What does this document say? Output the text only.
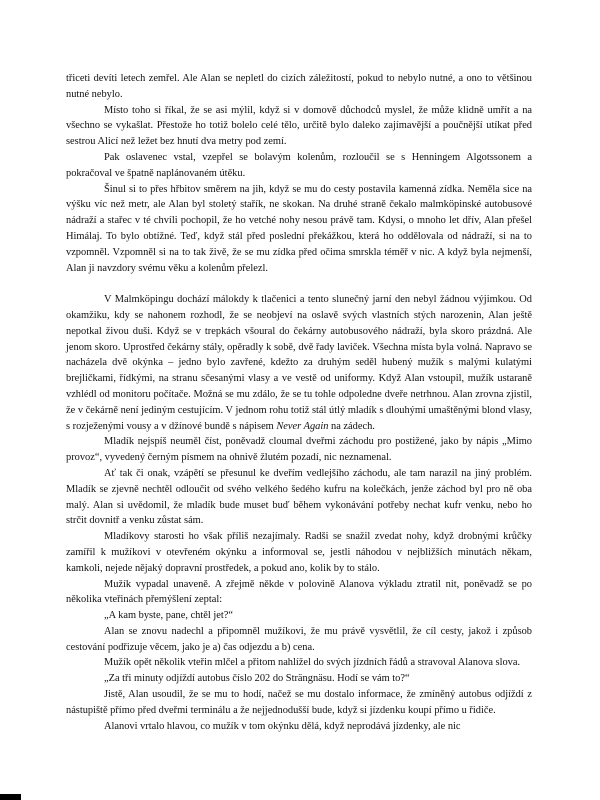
třiceti devíti letech zemřel. Ale Alan se nepletl do cizích záležitostí, pokud to nebylo nutné, a ono to většinou nutné nebylo.

Místo toho si říkal, že se asi mýlil, když si v domově důchodců myslel, že může klidně umřít a na všechno se vykašlat. Přestože ho totiž bolelo celé tělo, určitě bylo daleko zajímavější a poučnější utíkat před sestrou Alicí než ležet bez hnutí dva metry pod zemí.

Pak oslavenec vstal, vzepřel se bolavým kolenům, rozloučil se s Henningem Algotssonem a pokračoval ve špatně naplánovaném útěku.

Šinul si to přes hřbitov směrem na jih, když se mu do cesty postavila kamenná zídka. Neměla sice na výšku víc než metr, ale Alan byl stoletý stařík, ne skokan. Na druhé straně čekalo malmköpinské autobusové nádraží a stařec v té chvíli pochopil, že ho vetché nohy nesou právě tam. Kdysi, o mnoho let dřív, Alan přešel Himálaj. To bylo obtížné. Teď, když stál před poslední překážkou, která ho oddělovala od nádraží, si na to vzpomněl. Vzpomněl si na to tak živě, že se mu zídka před očima smrskla téměř v nic. A když byla nejmenší, Alan ji navzdory svému věku a kolenům přelezl.

V Malmköpingu dochází málokdy k tlačenici a tento slunečný jarní den nebyl žádnou výjimkou. Od okamžiku, kdy se nahonem rozhodl, že se neobjeví na oslavě svých vlastních stých narozenin, Alan ještě nepotkal živou duši. Když se v trepkách všoural do čekárny autobusového nádraží, byla skoro prázdná. Ale jenom skoro. Uprostřed čekárny stály, opěradly k sobě, dvě řady laviček. Všechna místa byla volná. Napravo se nacházela dvě okýnka – jedno bylo zavřené, kdežto za druhým seděl hubený mužík s malými kulatými brejličkami, řídkými, na stranu sčesanými vlasy a ve vestě od uniformy. Když Alan vstoupil, mužík ustaraně vzhlédl od monitoru počítače. Možná se mu zdálo, že se tu tohle odpoledne dveře netrhnou. Alan zrovna zjistil, že v čekárně není jediným cestujícím. V jednom rohu totiž stál útlý mladík s dlouhými umaštěnými blond vlasy, s rozježenými vousy a v džínové bundě s nápisem Never Again na zádech.

Mladík nejspíš neuměl číst, poněvadž cloumal dveřmi záchodu pro postižené, jako by nápis „Mimo provoz“, vyvedený černým písmem na ohnivě žlutém pozadí, nic neznamenal.

Ať tak či onak, vzápětí se přesunul ke dveřím vedlejšího záchodu, ale tam narazil na jiný problém. Mladík se zjevně nechtěl odloučit od svého velkého šedého kufru na kolečkách, jenže záchod byl pro ně oba malý. Alan si uvědomil, že mladík bude muset buď během vykonávání potřeby nechat kufr venku, nebo ho strčit dovnitř a venku zůstat sám.

Mladíkovy starosti ho však příliš nezajímaly. Radši se snažil zvedat nohy, když drobnými krůčky zamířil k mužíkovi v otevřeném okýnku a informoval se, jestli náhodou v nejbližších minutách někam, kamkoli, nejede nějaký dopravní prostředek, a pokud ano, kolik by to stálo.

Mužík vypadal unaveně. A zřejmě někde v polovině Alanova výkladu ztratil nit, poněvadž se po několika vteřinách přemýšlení zeptal:

„A kam byste, pane, chtěl jet?“

Alan se znovu nadechl a připomněl mužíkovi, že mu právě vysvětlil, že cíl cesty, jakož i způsob cestování podřizuje věcem, jako je a) čas odjezdu a b) cena.

Mužík opět několik vteřin mlčel a přitom nahlížel do svých jízdních řádů a stravoval Alanova slova.

„Za tři minuty odjíždí autobus číslo 202 do Strängnäsu. Hodí se vám to?“

Jistě, Alan usoudil, že se mu to hodí, načež se mu dostalo informace, že zmíněný autobus odjíždí z nástupiště přímo před dveřmi terminálu a že nejjednodušší bude, když si jízdenku koupí přímo u řidiče.

Alanovi vrtalo hlavou, co mužík v tom okýnku dělá, když neprodává jízdenky, ale nic
